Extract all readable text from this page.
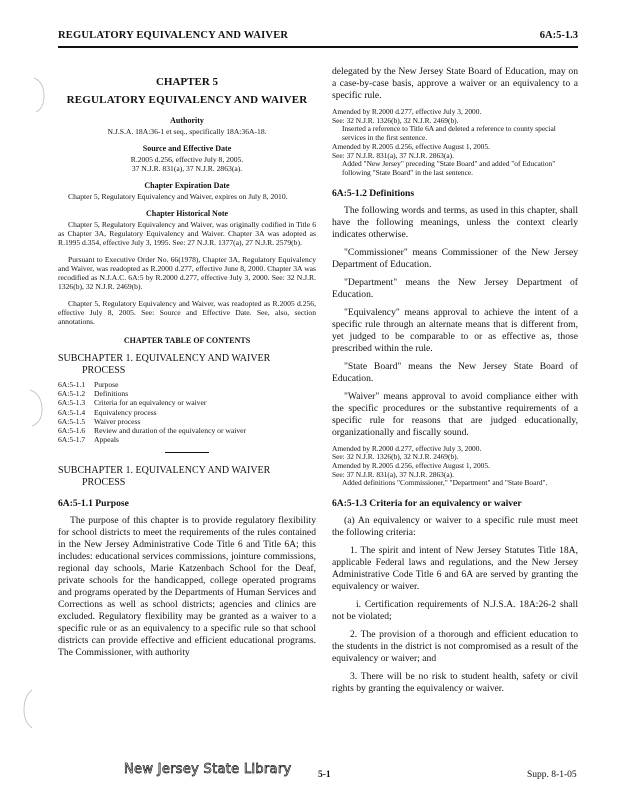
REGULATORY EQUIVALENCY AND WAIVER	6A:5-1.3
CHAPTER 5
REGULATORY EQUIVALENCY AND WAIVER
Authority
N.J.S.A. 18A:36-1 et seq., specifically 18A:36A-18.
Source and Effective Date
R.2005 d.256, effective July 8, 2005.
37 N.J.R. 831(a), 37 N.J.R. 2863(a).
Chapter Expiration Date
Chapter 5, Regulatory Equivalency and Waiver, expires on July 8, 2010.
Chapter Historical Note
Chapter 5, Regulatory Equivalency and Waiver, was originally codified in Title 6 as Chapter 3A, Regulatory Equivalency and Waiver. Chapter 3A was adopted as R.1995 d.354, effective July 3, 1995. See: 27 N.J.R. 1377(a), 27 N.J.R. 2579(b).
Pursuant to Executive Order No. 66(1978), Chapter 3A, Regulatory Equivalency and Waiver, was readopted as R.2000 d.277, effective June 8, 2000. Chapter 3A was recodified as N.J.A.C. 6A:5 by R.2000 d.277, effective July 3, 2000. See: 32 N.J.R. 1326(b), 32 N.J.R. 2469(b).
Chapter 5, Regulatory Equivalency and Waiver, was readopted as R.2005 d.256, effective July 8, 2005. See: Source and Effective Date. See, also, section annotations.
CHAPTER TABLE OF CONTENTS
SUBCHAPTER 1. EQUIVALENCY AND WAIVER
PROCESS
6A:5-1.1 Purpose
6A:5-1.2 Definitions
6A:5-1.3 Criteria for an equivalency or waiver
6A:5-1.4 Equivalency process
6A:5-1.5 Waiver process
6A:5-1.6 Review and duration of the equivalency or waiver
6A:5-1.7 Appeals
SUBCHAPTER 1. EQUIVALENCY AND WAIVER
PROCESS
6A:5-1.1 Purpose
The purpose of this chapter is to provide regulatory flexibility for school districts to meet the requirements of the rules contained in the New Jersey Administrative Code Title 6 and Title 6A; this includes: educational services commissions, jointure commissions, regional day schools, Marie Katzenbach School for the Deaf, private schools for the handicapped, college operated programs and programs operated by the Departments of Human Services and Corrections as well as school districts; agencies and clinics are excluded. Regulatory flexibility may be granted as a waiver to a specific rule or as an equivalency to a specific rule so that school districts can provide effective and efficient educational programs. The Commissioner, with authority
delegated by the New Jersey State Board of Education, may on a case-by-case basis, approve a waiver or an equivalency to a specific rule.
Amended by R.2000 d.277, effective July 3, 2000.
See: 32 N.J.R. 1326(b), 32 N.J.R. 2469(b).
Inserted a reference to Title 6A and deleted a reference to county special services in the first sentence.
Amended by R.2005 d.256, effective August 1, 2005.
See: 37 N.J.R. 831(a), 37 N.J.R. 2863(a).
Added "New Jersey" preceding "State Board" and added "of Education" following "State Board" in the last sentence.
6A:5-1.2 Definitions
The following words and terms, as used in this chapter, shall have the following meanings, unless the context clearly indicates otherwise.
"Commissioner" means Commissioner of the New Jersey Department of Education.
"Department" means the New Jersey Department of Education.
"Equivalency" means approval to achieve the intent of a specific rule through an alternate means that is different from, yet judged to be comparable to or as effective as, those prescribed within the rule.
"State Board" means the New Jersey State Board of Education.
"Waiver" means approval to avoid compliance either with the specific procedures or the substantive requirements of a specific rule for reasons that are judged educationally, organizationally and fiscally sound.
Amended by R.2000 d.277, effective July 3, 2000.
See: 32 N.J.R. 1326(b), 32 N.J.R. 2469(b).
Amended by R.2005 d.256, effective August 1, 2005.
See: 37 N.J.R. 831(a), 37 N.J.R. 2863(a).
Added definitions "Commissioner," "Department" and "State Board".
6A:5-1.3 Criteria for an equivalency or waiver
(a) An equivalency or waiver to a specific rule must meet the following criteria:
1. The spirit and intent of New Jersey Statutes Title 18A, applicable Federal laws and regulations, and the New Jersey Administrative Code Title 6 and 6A are served by granting the equivalency or waiver.
i. Certification requirements of N.J.S.A. 18A:26-2 shall not be violated;
2. The provision of a thorough and efficient education to the students in the district is not compromised as a result of the equivalency or waiver; and
3. There will be no risk to student health, safety or civil rights by granting the equivalency or waiver.
New Jersey State Library	5-1	Supp. 8-1-05
